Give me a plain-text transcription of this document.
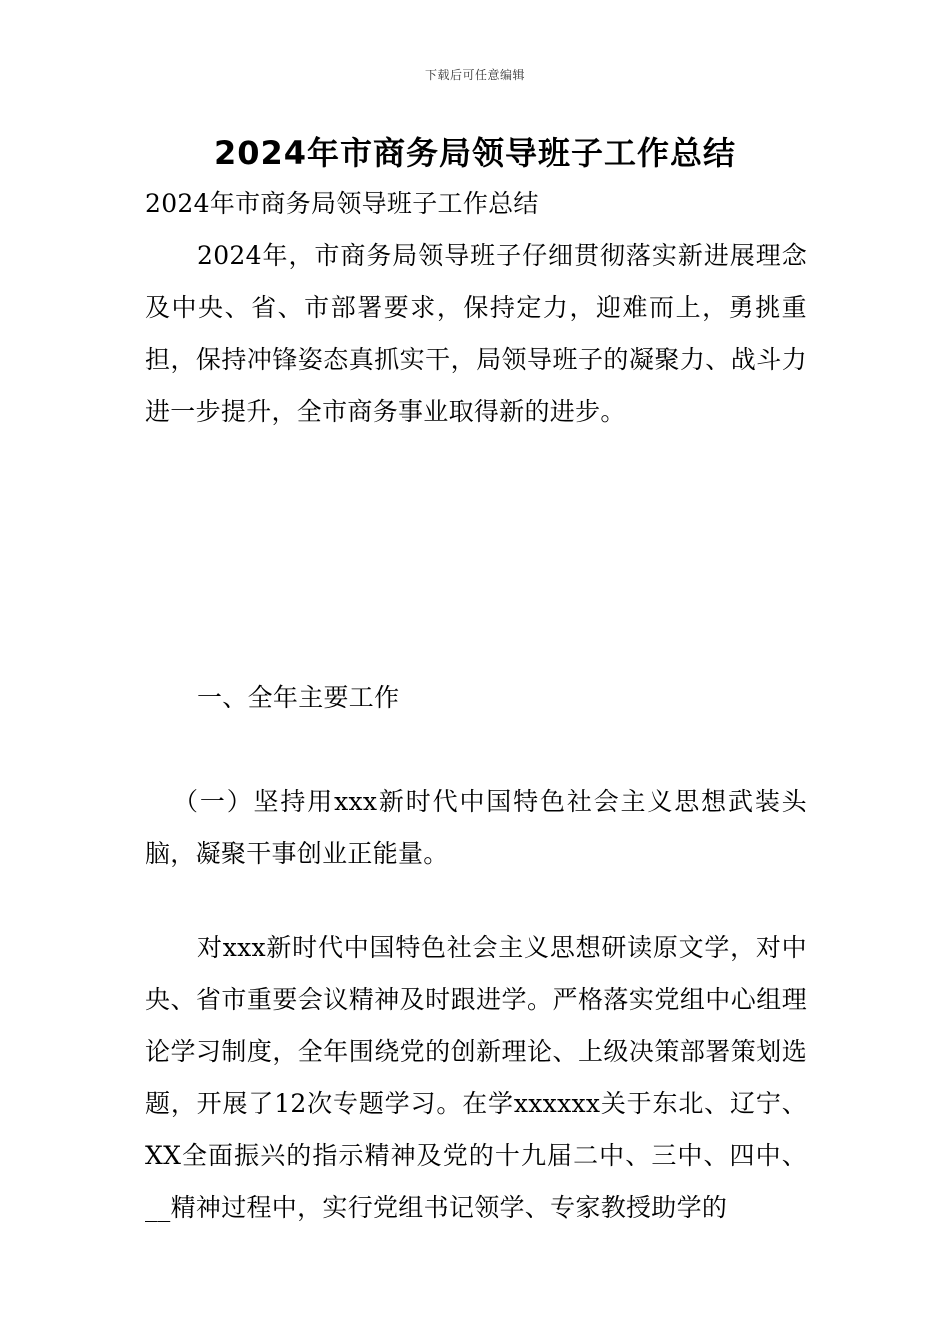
下载后可任意编辑
2024年市商务局领导班子工作总结

2024年市商务局领导班子工作总结

2024年，市商务局领导班子仔细贯彻落实新进展理念及中央、省、市部署要求，保持定力，迎难而上，勇挑重担，保持冲锋姿态真抓实干，局领导班子的凝聚力、战斗力进一步提升，全市商务事业取得新的进步。

一、全年主要工作

（一）坚持用xxx新时代中国特色社会主义思想武装头脑，凝聚干事创业正能量。

对xxx新时代中国特色社会主义思想研读原文学，对中央、省市重要会议精神及时跟进学。严格落实党组中心组理论学习制度，全年围绕党的创新理论、上级决策部署策划选题，开展了12次专题学习。在学xxxxxx关于东北、辽宁、XX全面振兴的指示精神及党的十九届二中、三中、四中、__精神过程中，实行党组书记领学、专家教授助学的
